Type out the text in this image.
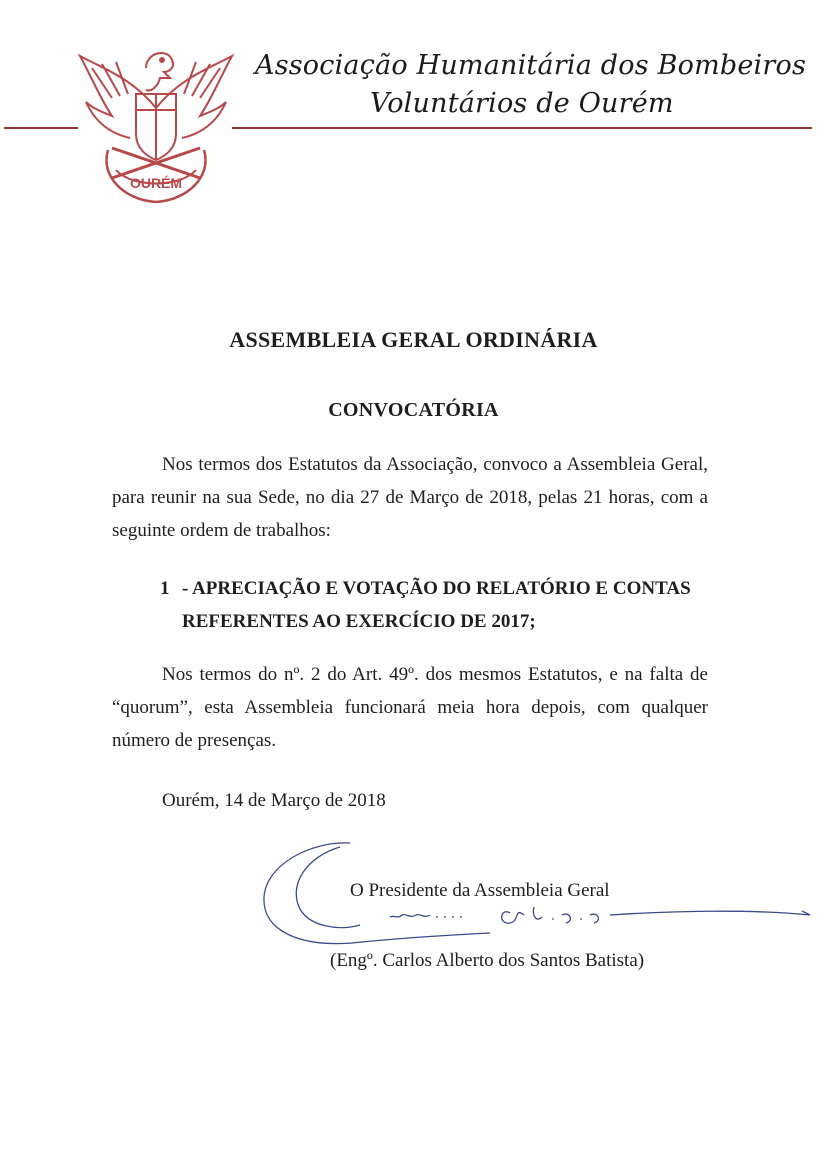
OURÉM
Associação Humanitária dos Bombeiros
Voluntários de Ourém
ASSEMBLEIA GERAL ORDINÁRIA
CONVOCATÓRIA

Nos termos dos Estatutos da Associação, convoco a Assembleia Geral, para reunir na sua Sede, no dia 27 de Março de 2018, pelas 21 horas, com a seguinte ordem de trabalhos:

1 - APRECIAÇÃO E VOTAÇÃO DO RELATÓRIO E CONTAS REFERENTES AO EXERCÍCIO DE 2017;

Nos termos do nº. 2 do Art. 49º. dos mesmos Estatutos, e na falta de “quorum”, esta Assembleia funcionará meia hora depois, com qualquer número de presenças.

Ourém, 14 de Março de 2018
O Presidente da Assembleia Geral
(Engº. Carlos Alberto dos Santos Batista)
